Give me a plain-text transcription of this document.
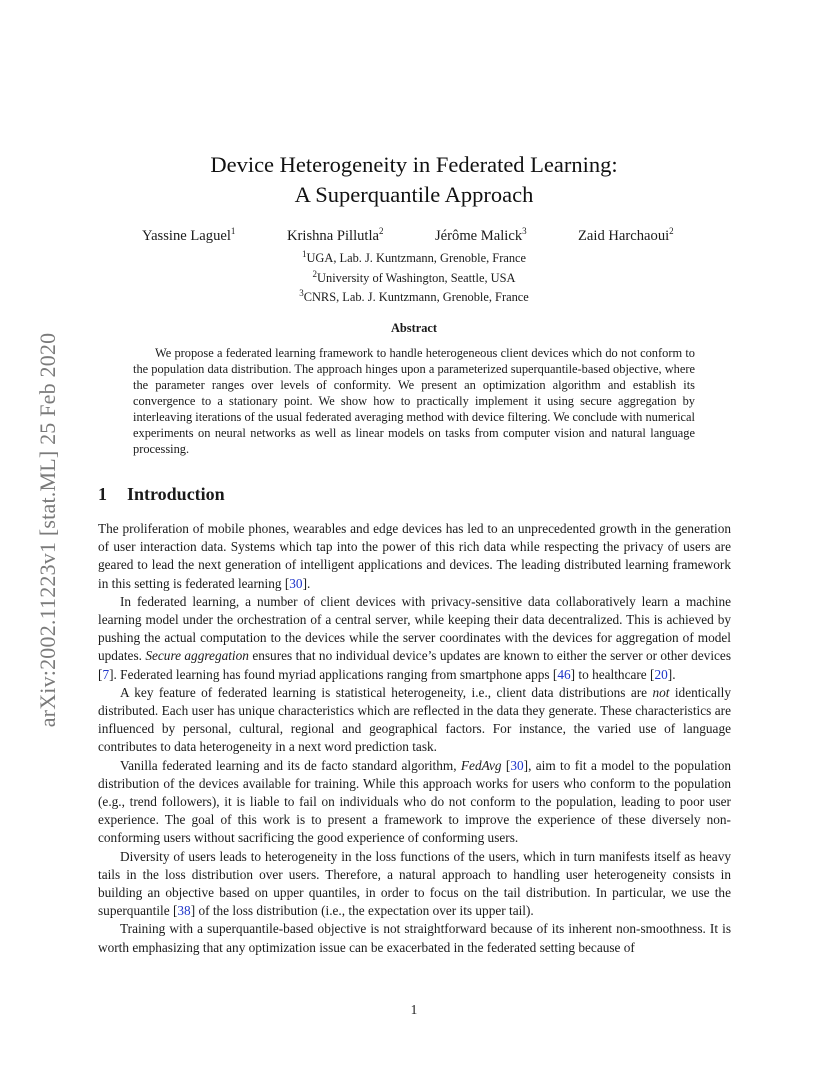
arXiv:2002.11223v1 [stat.ML] 25 Feb 2020
Device Heterogeneity in Federated Learning:
A Superquantile Approach
Yassine Laguel$^1$	Krishna Pillutla$^2$	Jérôme Malick$^3$	Zaid Harchaoui$^2$
$^1$UGA, Lab. J. Kuntzmann, Grenoble, France
$^2$University of Washington, Seattle, USA
$^3$CNRS, Lab. J. Kuntzmann, Grenoble, France
Abstract

We propose a federated learning framework to handle heterogeneous client devices which do not conform to the population data distribution. The approach hinges upon a parameterized superquantile-based objective, where the parameter ranges over levels of conformity. We present an optimization algorithm and establish its convergence to a stationary point. We show how to practically implement it using secure aggregation by interleaving iterations of the usual federated averaging method with device filtering. We conclude with numerical experiments on neural networks as well as linear models on tasks from computer vision and natural language processing.

1 Introduction

The proliferation of mobile phones, wearables and edge devices has led to an unprecedented growth in the generation of user interaction data. Systems which tap into the power of this rich data while respecting the privacy of users are geared to lead the next generation of intelligent applications and devices. The leading distributed learning framework in this setting is federated learning [30].

In federated learning, a number of client devices with privacy-sensitive data collaboratively learn a machine learning model under the orchestration of a central server, while keeping their data decentralized. This is achieved by pushing the actual computation to the devices while the server coordinates with the devices for aggregation of model updates. Secure aggregation ensures that no individual device’s updates are known to either the server or other devices [7]. Federated learning has found myriad applications ranging from smartphone apps [46] to healthcare [20].

A key feature of federated learning is statistical heterogeneity, i.e., client data distributions are not identically distributed. Each user has unique characteristics which are reflected in the data they generate. These characteristics are influenced by personal, cultural, regional and geographical factors. For instance, the varied use of language contributes to data heterogeneity in a next word prediction task.

Vanilla federated learning and its de facto standard algorithm, FedAvg [30], aim to fit a model to the population distribution of the devices available for training. While this approach works for users who conform to the population (e.g., trend followers), it is liable to fail on individuals who do not conform to the population, leading to poor user experience. The goal of this work is to present a framework to improve the experience of these diversely non-conforming users without sacrificing the good experience of conforming users.

Diversity of users leads to heterogeneity in the loss functions of the users, which in turn manifests itself as heavy tails in the loss distribution over users. Therefore, a natural approach to handling user heterogeneity consists in building an objective based on upper quantiles, in order to focus on the tail distribution. In particular, we use the superquantile [38] of the loss distribution (i.e., the expectation over its upper tail).

Training with a superquantile-based objective is not straightforward because of its inherent non-smoothness. It is worth emphasizing that any optimization issue can be exacerbated in the federated setting because of

1
